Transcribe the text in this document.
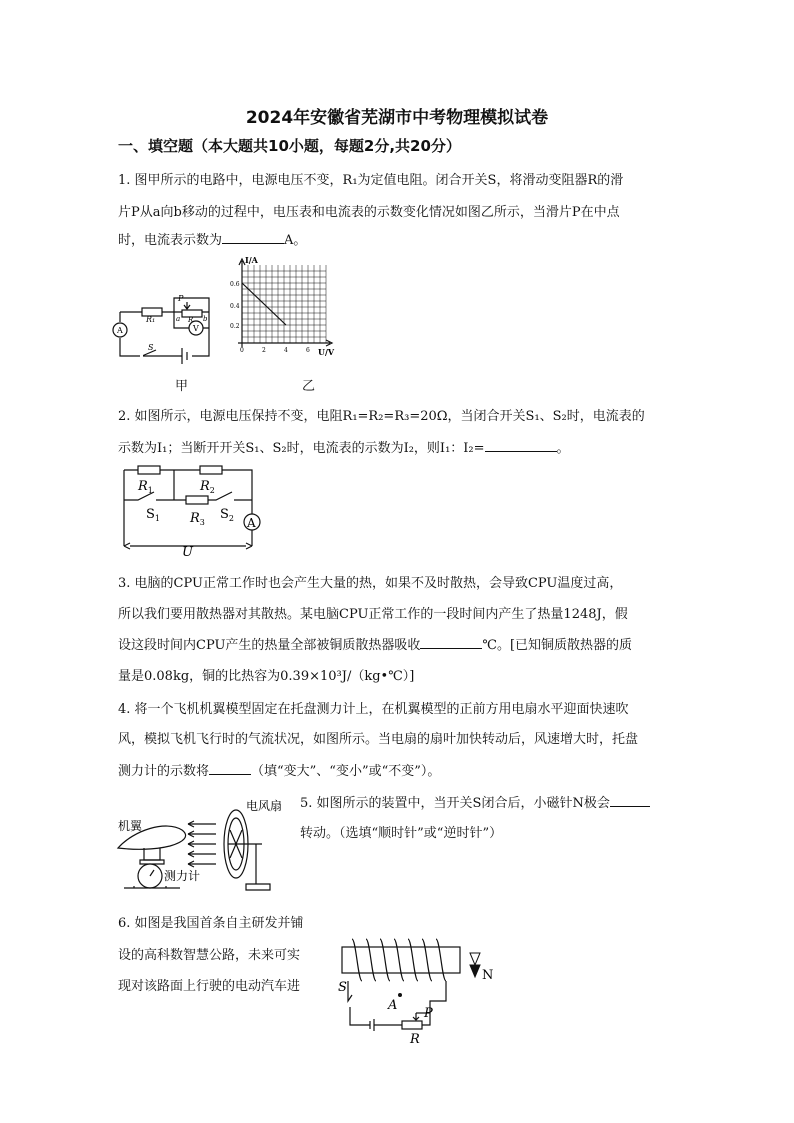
2024年安徽省芜湖市中考物理模拟试卷
一、填空题（本大题共10小题，每题2分,共20分）
1. 图甲所示的电路中，电源电压不变，R₁为定值电阻。闭合开关S，将滑动变阻器R的滑
片P从a向b移动的过程中，电压表和电流表的示数变化情况如图乙所示，当滑片P在中点
时，电流表示数为	A。
R₁
P
a R b
A	V
S
甲
I/A
U/V
0.6
0.4
0.2
0	2	4	6
乙
2. 如图所示，电源电压保持不变，电阻R₁=R₂=R₃=20Ω，当闭合开关S₁、S₂时，电流表的
示数为I₁；当断开开关S₁、S₂时，电流表的示数为I₂，则I₁：I₂=	。
$R_1$	$R_2$
$R_3$
$S_1$	$S_2$ A
U
3. 电脑的CPU正常工作时也会产生大量的热，如果不及时散热，会导致CPU温度过高，
所以我们要用散热器对其散热。某电脑CPU正常工作的一段时间内产生了热量1248J，假
设这段时间内CPU产生的热量全部被铜质散热器吸收	℃。[已知铜质散热器的质
量是0.08kg，铜的比热容为0.39×10³J/（kg•℃）]
4. 将一个飞机机翼模型固定在托盘测力计上，在机翼模型的正前方用电扇水平迎面快速吹
风，模拟飞机飞行时的气流状况，如图所示。当电扇的扇叶加快转动后，风速增大时，托盘
测力计的示数将	（填“变大”、“变小”或“不变”）。
机翼
电风扇
测力计
5. 如图所示的装置中，当开关S闭合后，小磁针N极会
转动。（选填“顺时针”或“逆时针”）
N
S
A
P
R
6. 如图是我国首条自主研发并铺
设的高科数智慧公路，未来可实
现对该路面上行驶的电动汽车进
